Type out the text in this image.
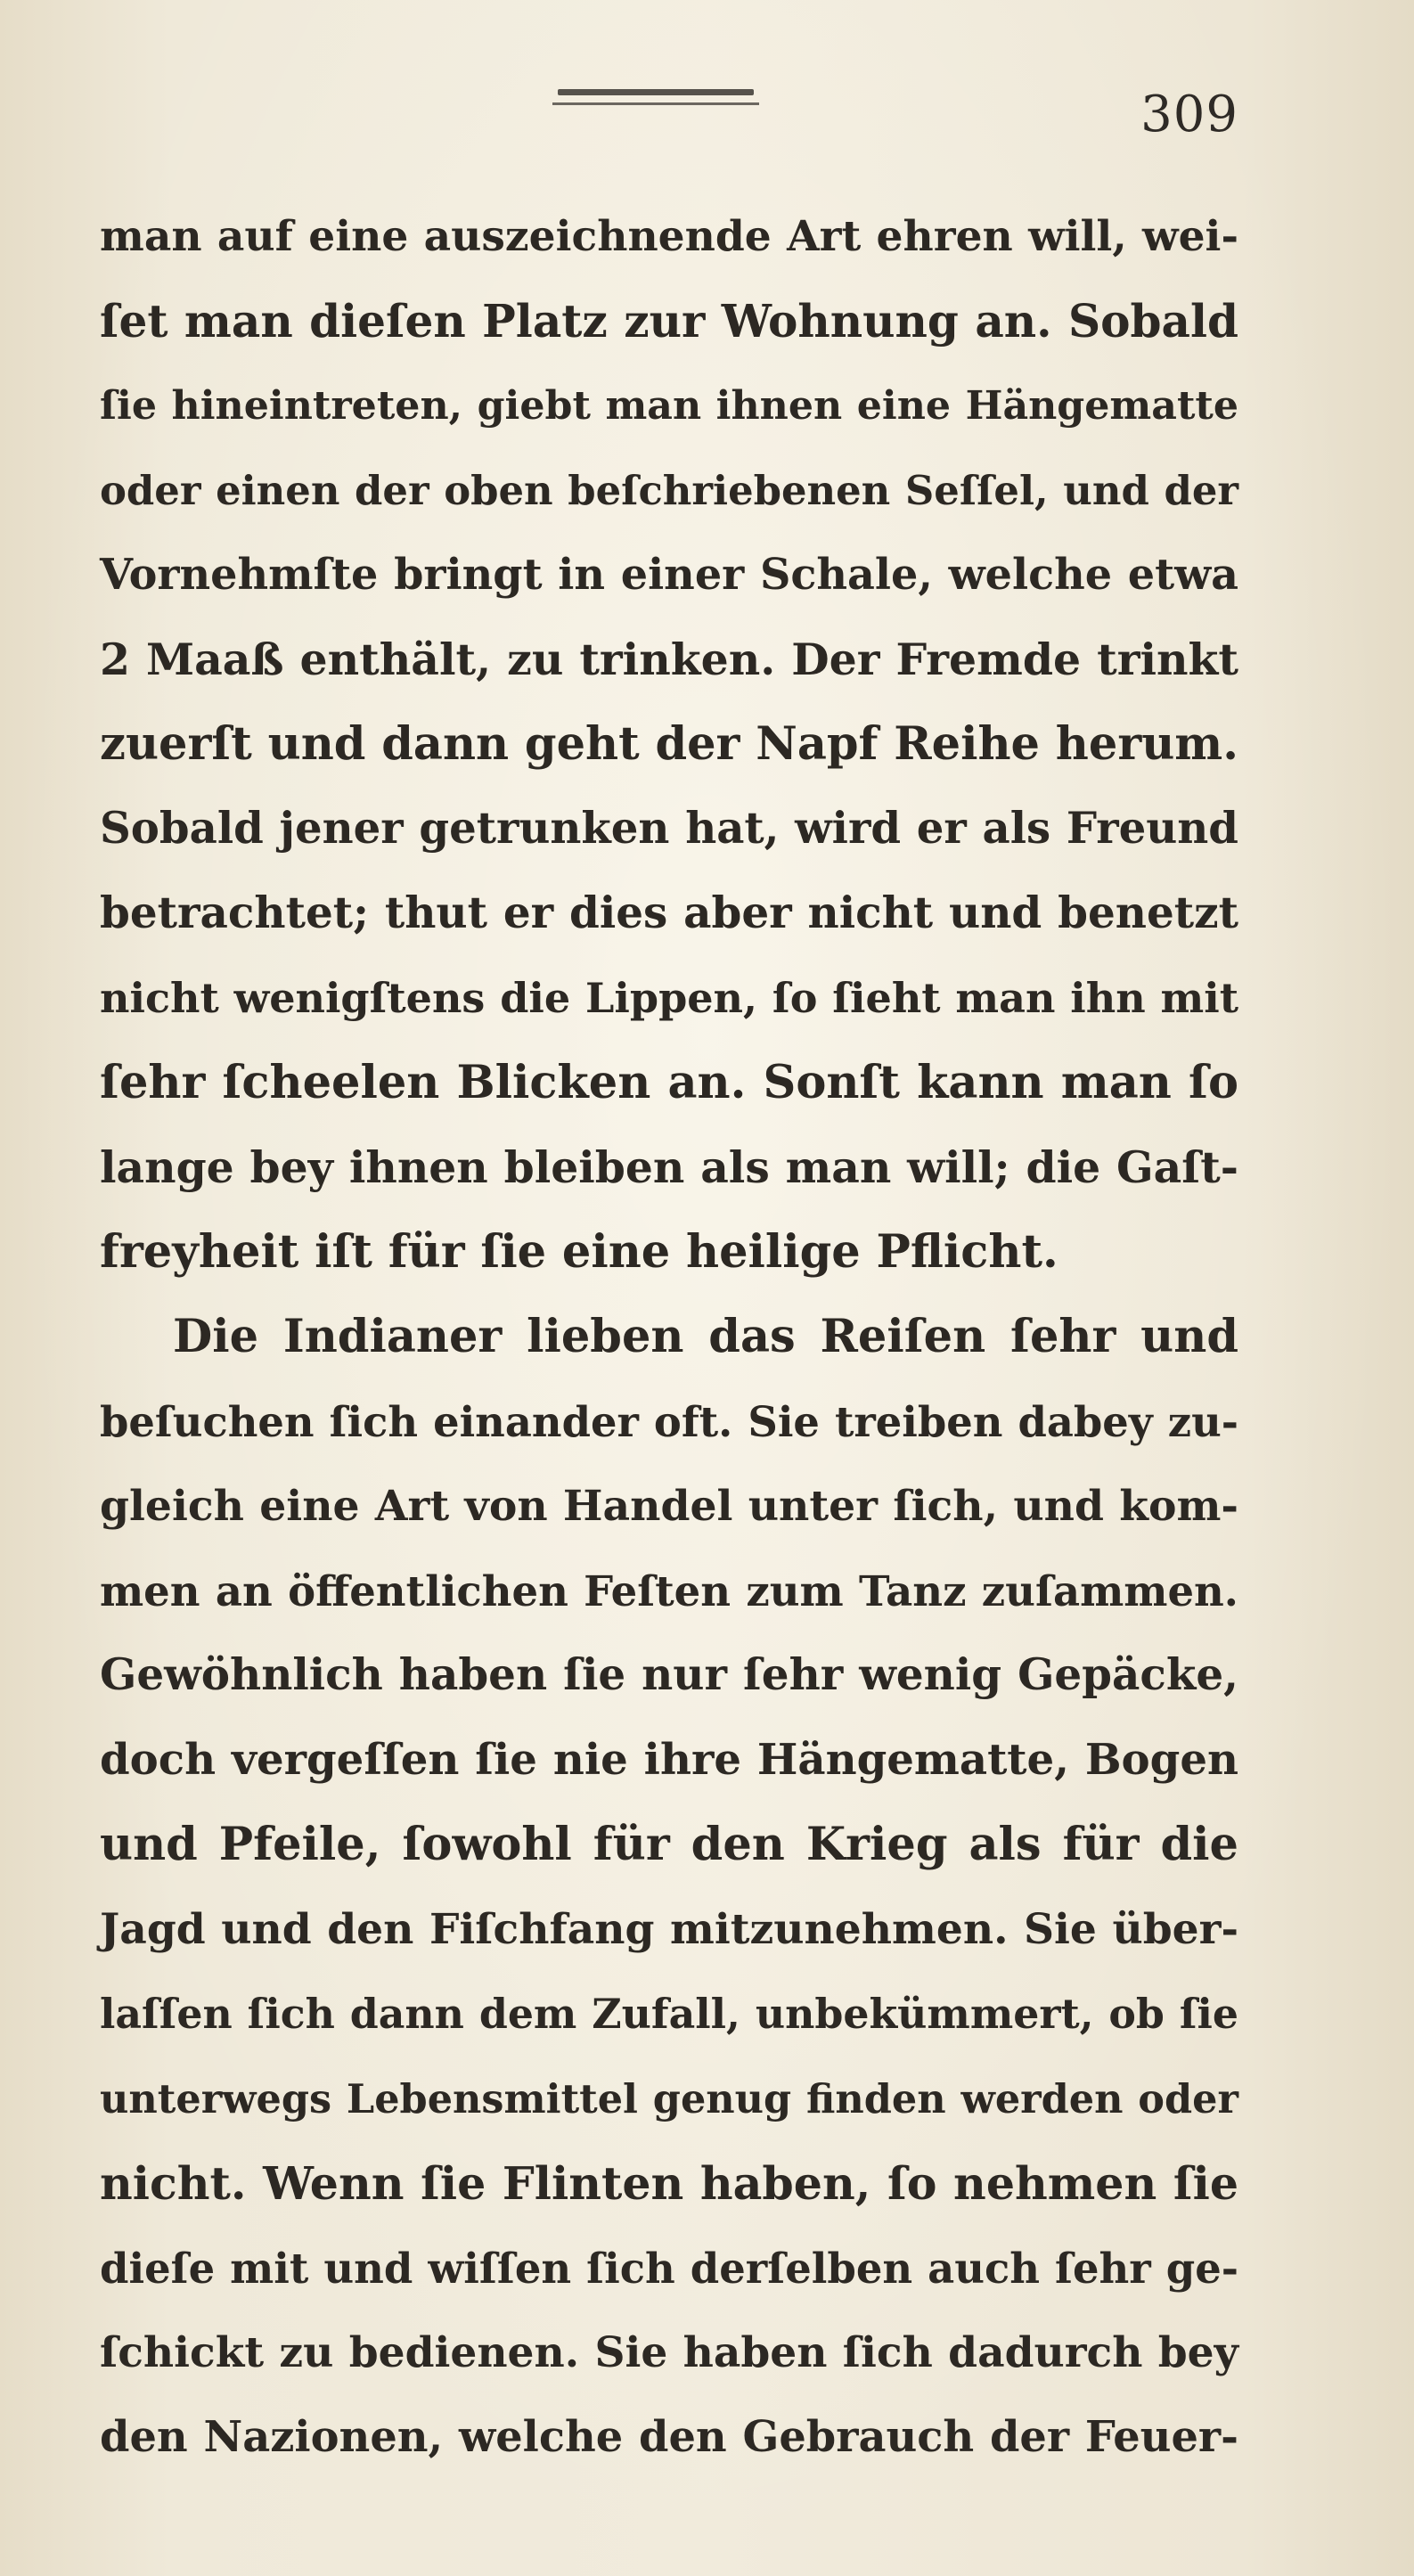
309
man auf eine auszeichnende Art ehren will, wei-
ſet man dieſen Platz zur Wohnung an. Sobald
ſie hineintreten, giebt man ihnen eine Hängematte
oder einen der oben beſchriebenen Seſſel, und der
Vornehmſte bringt in einer Schale, welche etwa
2 Maaß enthält, zu trinken. Der Fremde trinkt
zuerſt und dann geht der Napf Reihe herum.
Sobald jener getrunken hat, wird er als Freund
betrachtet; thut er dies aber nicht und benetzt
nicht wenigſtens die Lippen, ſo ſieht man ihn mit
ſehr ſcheelen Blicken an. Sonſt kann man ſo
lange bey ihnen bleiben als man will; die Gaſt-
freyheit iſt für ſie eine heilige Pflicht.
Die Indianer lieben das Reiſen ſehr und
beſuchen ſich einander oft. Sie treiben dabey zu-
gleich eine Art von Handel unter ſich, und kom-
men an öffentlichen Feſten zum Tanz zuſammen.
Gewöhnlich haben ſie nur ſehr wenig Gepäcke,
doch vergeſſen ſie nie ihre Hängematte, Bogen
und Pfeile, ſowohl für den Krieg als für die
Jagd und den Fiſchfang mitzunehmen. Sie über-
laſſen ſich dann dem Zufall, unbekümmert, ob ſie
unterwegs Lebensmittel genug finden werden oder
nicht. Wenn ſie Flinten haben, ſo nehmen ſie
dieſe mit und wiſſen ſich derſelben auch ſehr ge-
ſchickt zu bedienen. Sie haben ſich dadurch bey
den Nazionen, welche den Gebrauch der Feuer-
